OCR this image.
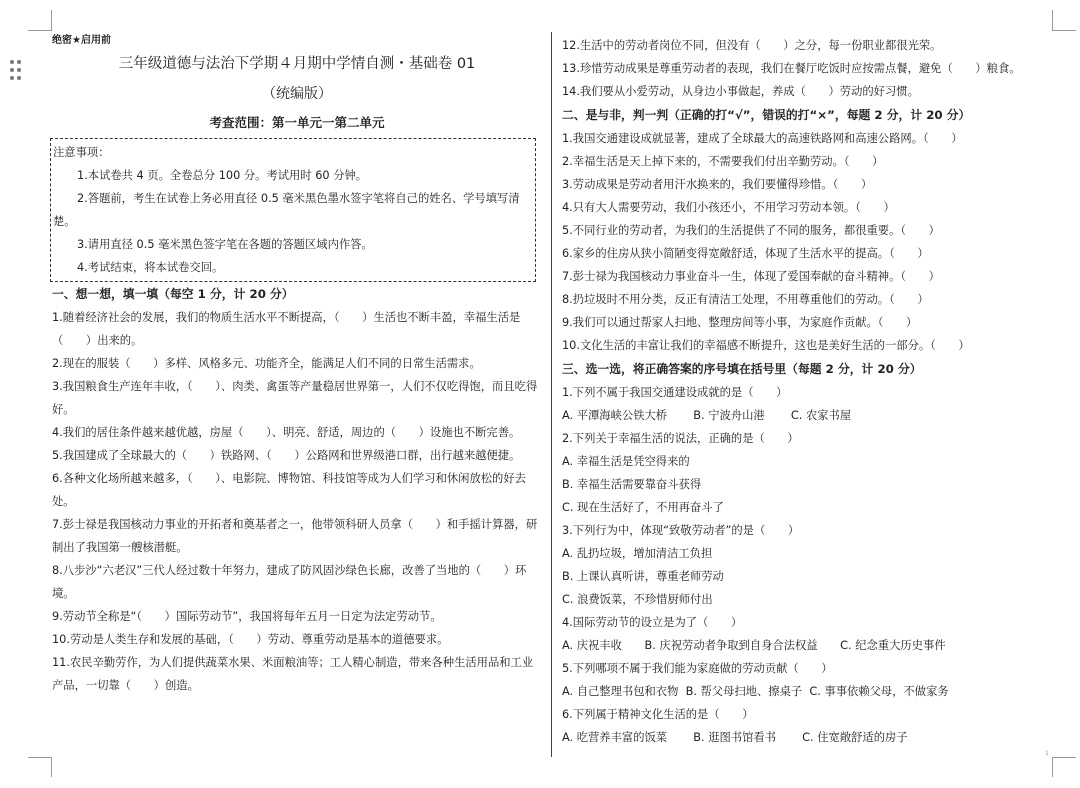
绝密★启用前
三年级道德与法治下学期４月期中学情自测・基础卷 01
（统编版）
考查范围：第一单元一第二单元
注意事项：
1.本试卷共 4 页。全卷总分 100 分。考试用时 60 分钟。
2.答题前，考生在试卷上务必用直径 0.5 毫米黑色墨水签字笔将自己的姓名、学号填写清楚。
3.请用直径 0.5 毫米黑色签字笔在各题的答题区域内作答。
4.考试结束，将本试卷交回。
一、想一想，填一填（每空 1 分，计 20 分）
1.随着经济社会的发展，我们的物质生活水平不断提高，（　　）生活也不断丰盈，幸福生活是（　　）出来的。
2.现在的服装（　　）多样、风格多元、功能齐全，能满足人们不同的日常生活需求。
3.我国粮食生产连年丰收，（　　）、肉类、禽蛋等产量稳居世界第一，人们不仅吃得饱，而且吃得好。
4.我们的居住条件越来越优越，房屋（　　）、明亮、舒适，周边的（　　）设施也不断完善。
5.我国建成了全球最大的（　　）铁路网、（　　）公路网和世界级港口群，出行越来越便捷。
6.各种文化场所越来越多，（　　）、电影院、博物馆、科技馆等成为人们学习和休闲放松的好去处。
7.彭士禄是我国核动力事业的开拓者和奠基者之一，他带领科研人员拿（　　）和手摇计算器，研制出了我国第一艘核潜艇。
8.八步沙“六老汉”三代人经过数十年努力，建成了防风固沙绿色长廊，改善了当地的（　　）环境。
9.劳动节全称是“（　　）国际劳动节”，我国将每年五月一日定为法定劳动节。
10.劳动是人类生存和发展的基础，（　　）劳动、尊重劳动是基本的道德要求。
11.农民辛勤劳作，为人们提供蔬菜水果、米面粮油等；工人精心制造，带来各种生活用品和工业产品，一切靠（　　）创造。
12.生活中的劳动者岗位不同，但没有（　　）之分，每一份职业都很光荣。
13.珍惜劳动成果是尊重劳动者的表现，我们在餐厅吃饭时应按需点餐，避免（　　）粮食。
14.我们要从小爱劳动，从身边小事做起，养成（　　）劳动的好习惯。
二、是与非，判一判（正确的打“√”，错误的打“×”，每题 2 分，计 20 分）
1.我国交通建设成就显著，建成了全球最大的高速铁路网和高速公路网。（　　）
2.幸福生活是天上掉下来的，不需要我们付出辛勤劳动。（　　）
3.劳动成果是劳动者用汗水换来的，我们要懂得珍惜。（　　）
4.只有大人需要劳动，我们小孩还小，不用学习劳动本领。（　　）
5.不同行业的劳动者，为我们的生活提供了不同的服务，都很重要。（　　）
6.家乡的住房从狭小简陋变得宽敞舒适，体现了生活水平的提高。（　　）
7.彭士禄为我国核动力事业奋斗一生，体现了爱国奉献的奋斗精神。（　　）
8.扔垃圾时不用分类，反正有清洁工处理，不用尊重他们的劳动。（　　）
9.我们可以通过帮家人扫地、整理房间等小事，为家庭作贡献。（　　）
10.文化生活的丰富让我们的幸福感不断提升，这也是美好生活的一部分。（　　）
三、选一选，将正确答案的序号填在括号里（每题 2 分，计 20 分）
1.下列不属于我国交通建设成就的是（　　）
A. 平潭海峡公铁大桥　　 B. 宁波舟山港　　 C. 农家书屋
2.下列关于幸福生活的说法，正确的是（　　）
A. 幸福生活是凭空得来的
B. 幸福生活需要靠奋斗获得
C. 现在生活好了，不用再奋斗了
3.下列行为中，体现“致敬劳动者”的是（　　）
A. 乱扔垃圾，增加清洁工负担
B. 上课认真听讲，尊重老师劳动
C. 浪费饭菜，不珍惜厨师付出
4.国际劳动节的设立是为了（　　）
A. 庆祝丰收　　B. 庆祝劳动者争取到自身合法权益　　C. 纪念重大历史事件
5.下列哪项不属于我们能为家庭做的劳动贡献（　　）
A. 自己整理书包和衣物  B. 帮父母扫地、擦桌子  C. 事事依赖父母，不做家务
6.下列属于精神文化生活的是（　　）
A. 吃营养丰富的饭菜　　 B. 逛图书馆看书　　 C. 住宽敞舒适的房子
1
